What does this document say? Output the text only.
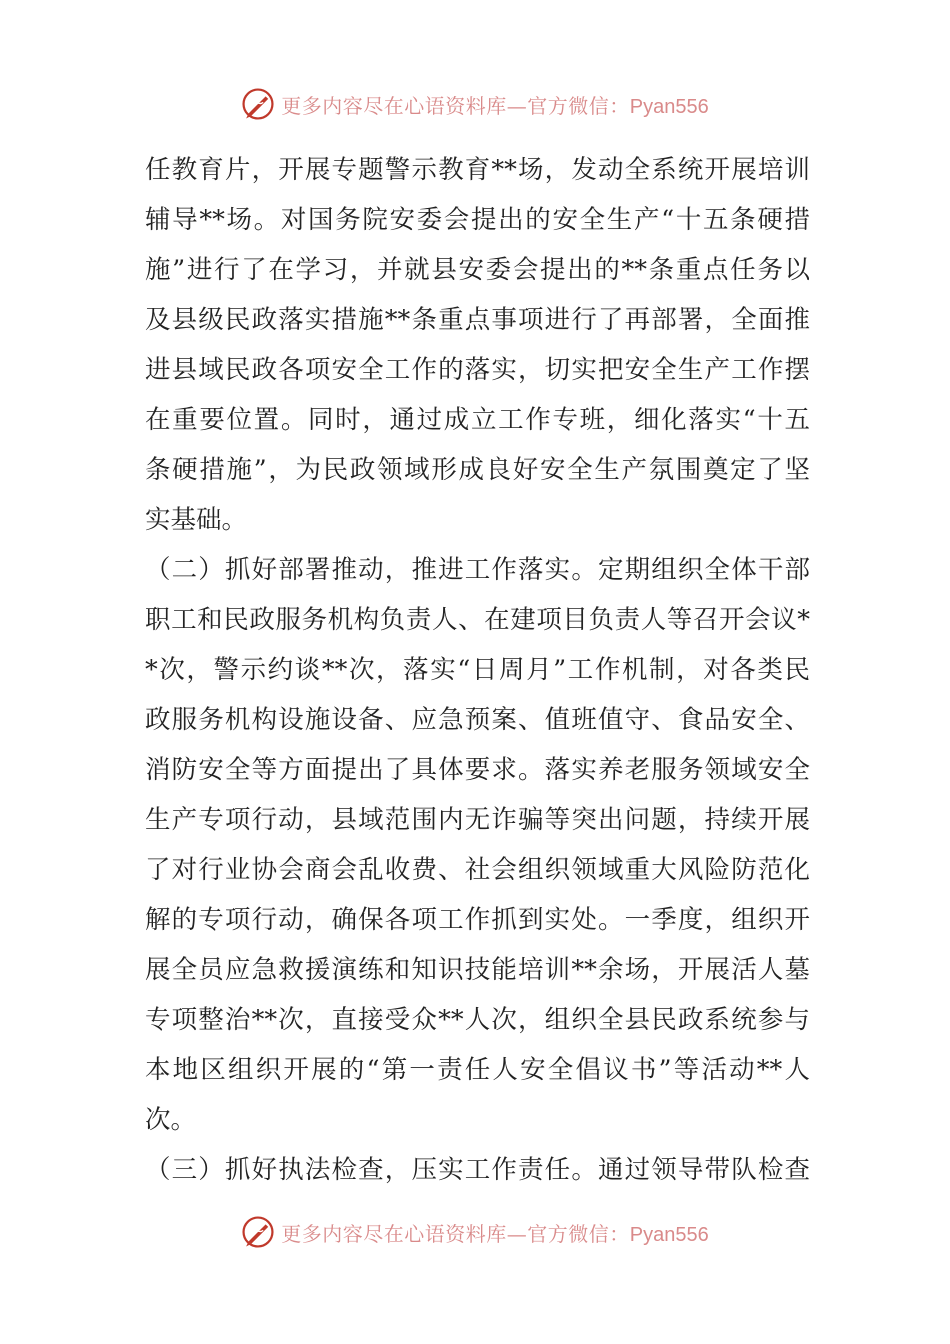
更多内容尽在心语资料库—官方微信：Pyan556
任教育片，开展专题警示教育**场，发动全系统开展培训
辅导**场。对国务院安委会提出的安全生产“十五条硬措
施”进行了在学习，并就县安委会提出的**条重点任务以
及县级民政落实措施**条重点事项进行了再部署，全面推
进县域民政各项安全工作的落实，切实把安全生产工作摆
在重要位置。同时，通过成立工作专班，细化落实“十五
条硬措施”，为民政领域形成良好安全生产氛围奠定了坚
实基础。
（二）抓好部署推动，推进工作落实。定期组织全体干部
职工和民政服务机构负责人、在建项目负责人等召开会议*
*次，警示约谈**次，落实“日周月”工作机制，对各类民
政服务机构设施设备、应急预案、值班值守、食品安全、
消防安全等方面提出了具体要求。落实养老服务领域安全
生产专项行动，县域范围内无诈骗等突出问题，持续开展
了对行业协会商会乱收费、社会组织领域重大风险防范化
解的专项行动，确保各项工作抓到实处。一季度，组织开
展全员应急救援演练和知识技能培训**余场，开展活人墓
专项整治**次，直接受众**人次，组织全县民政系统参与
本地区组织开展的“第一责任人安全倡议书”等活动**人
次。
（三）抓好执法检查，压实工作责任。通过领导带队检查
更多内容尽在心语资料库—官方微信：Pyan556
